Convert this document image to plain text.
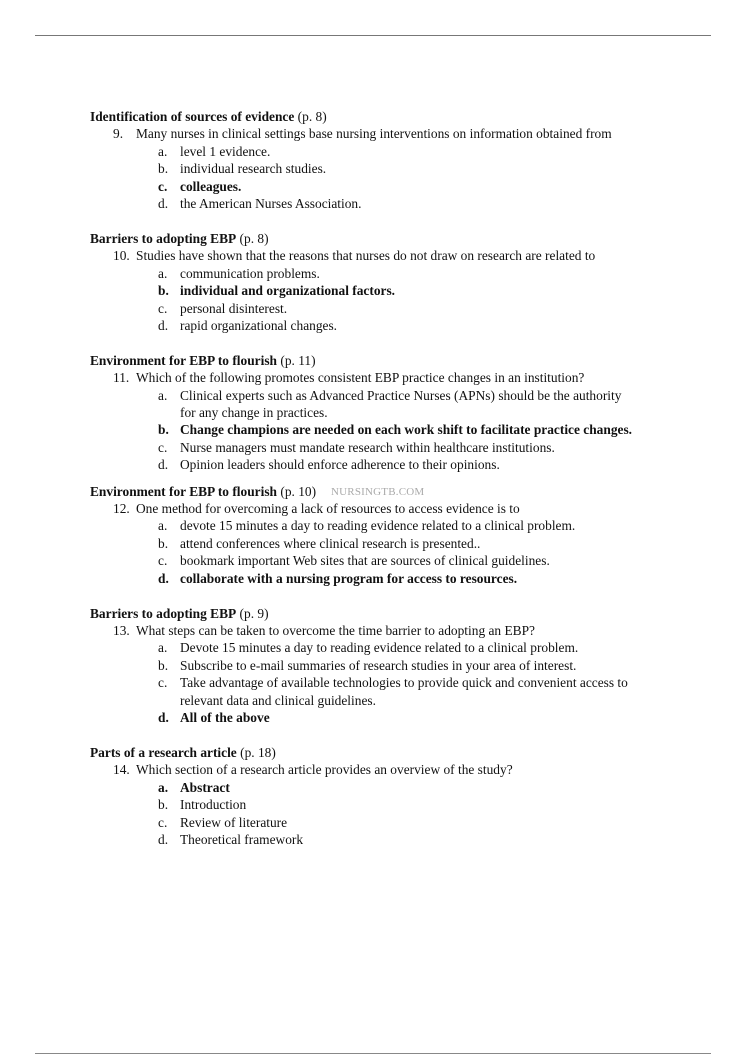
Identification of sources of evidence (p. 8)
9. Many nurses in clinical settings base nursing interventions on information obtained from
a. level 1 evidence.
b. individual research studies.
c. colleagues.
d. the American Nurses Association.
Barriers to adopting EBP (p. 8)
10. Studies have shown that the reasons that nurses do not draw on research are related to
a. communication problems.
b. individual and organizational factors.
c. personal disinterest.
d. rapid organizational changes.
Environment for EBP to flourish (p. 11)
11. Which of the following promotes consistent EBP practice changes in an institution?
a. Clinical experts such as Advanced Practice Nurses (APNs) should be the authority for any change in practices.
b. Change champions are needed on each work shift to facilitate practice changes.
c. Nurse managers must mandate research within healthcare institutions.
d. Opinion leaders should enforce adherence to their opinions.
Environment for EBP to flourish (p. 10)
12. One method for overcoming a lack of resources to access evidence is to
a. devote 15 minutes a day to reading evidence related to a clinical problem.
b. attend conferences where clinical research is presented..
c. bookmark important Web sites that are sources of clinical guidelines.
d. collaborate with a nursing program for access to resources.
Barriers to adopting EBP (p. 9)
13. What steps can be taken to overcome the time barrier to adopting an EBP?
a. Devote 15 minutes a day to reading evidence related to a clinical problem.
b. Subscribe to e-mail summaries of research studies in your area of interest.
c. Take advantage of available technologies to provide quick and convenient access to relevant data and clinical guidelines.
d. All of the above
Parts of a research article (p. 18)
14. Which section of a research article provides an overview of the study?
a. Abstract
b. Introduction
c. Review of literature
d. Theoretical framework
NURSINGTB.COM
